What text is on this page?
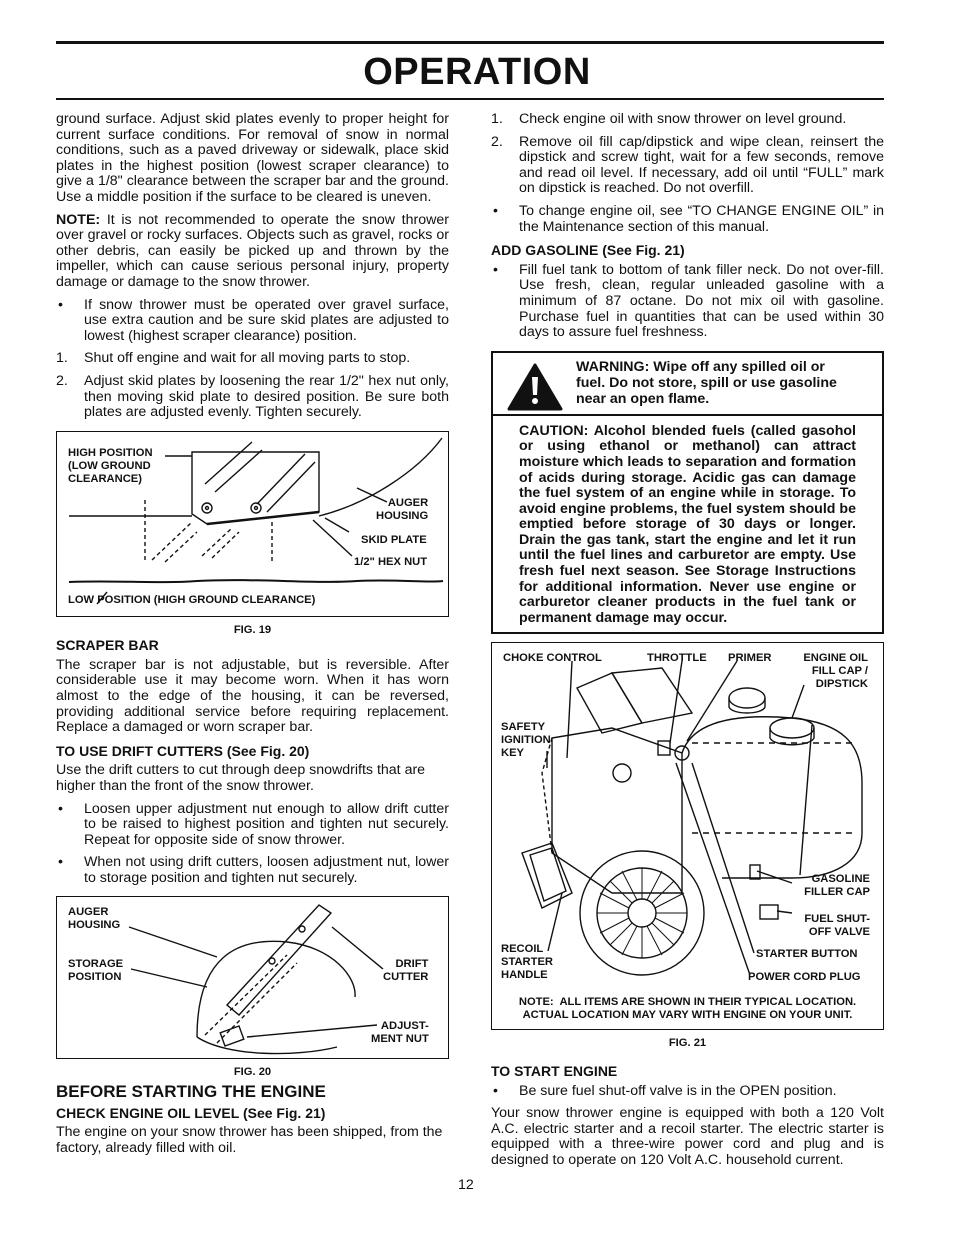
OPERATION

ground surface. Adjust skid plates evenly to proper height for current surface conditions. For removal of snow in normal conditions, such as a paved driveway or sidewalk, place skid plates in the highest position (lowest scraper clearance) to give a 1/8" clearance between the scraper bar and the ground. Use a middle position if the surface to be cleared is uneven.

NOTE: It is not recommended to operate the snow thrower over gravel or rocky surfaces. Objects such as gravel, rocks or other debris, can easily be picked up and thrown by the impeller, which can cause serious personal injury, property damage or damage to the snow thrower.

• If snow thrower must be operated over gravel surface, use extra caution and be sure skid plates are adjusted to lowest (highest scraper clearance) position.
1. Shut off engine and wait for all moving parts to stop.
2. Adjust skid plates by loosening the rear 1/2" hex nut only, then moving skid plate to desired position. Be sure both plates are adjusted evenly. Tighten securely.
HIGH POSITION
(LOW GROUND
CLEARANCE)
AUGER
HOUSING
SKID PLATE
1/2" HEX NUT
LOW POSITION (HIGH GROUND CLEARANCE)
FIG. 19
SCRAPER BAR

The scraper bar is not adjustable, but is reversible. After considerable use it may become worn. When it has worn almost to the edge of the housing, it can be reversed, providing additional service before requiring replacement. Replace a damaged or worn scraper bar.

TO USE DRIFT CUTTERS (See Fig. 20)

Use the drift cutters to cut through deep snowdrifts that are higher than the front of the snow thrower.

• Loosen upper adjustment nut enough to allow drift cutter to be raised to highest position and tighten nut securely. Repeat for opposite side of snow thrower.
• When not using drift cutters, loosen adjustment nut, lower to storage position and tighten nut securely.
AUGER
HOUSING
STORAGE
POSITION
DRIFT
CUTTER
ADJUST-
MENT NUT
FIG. 20
BEFORE STARTING THE ENGINE
CHECK ENGINE OIL LEVEL (See Fig. 21)

The engine on your snow thrower has been shipped, from the factory, already filled with oil.

12
1. Check engine oil with snow thrower on level ground.
2. Remove oil fill cap/dipstick and wipe clean, reinsert the dipstick and screw tight, wait for a few seconds, remove and read oil level. If necessary, add oil until “FULL” mark on dipstick is reached. Do not overfill.
• To change engine oil, see “TO CHANGE ENGINE OIL” in the Maintenance section of this manual.
ADD GASOLINE (See Fig. 21)
• Fill fuel tank to bottom of tank filler neck. Do not over-fill. Use fresh, clean, regular unleaded gasoline with a minimum of 87 octane. Do not mix oil with gasoline. Purchase fuel in quantities that can be used within 30 days to assure fuel freshness.
WARNING: Wipe off any spilled oil or fuel. Do not store, spill or use gasoline near an open flame.
CAUTION: Alcohol blended fuels (called gasohol or using ethanol or methanol) can attract moisture which leads to separation and formation of acids during storage. Acidic gas can damage the fuel system of an engine while in storage. To avoid engine problems, the fuel system should be emptied before storage of 30 days or longer. Drain the gas tank, start the engine and let it run until the fuel lines and carburetor are empty. Use fresh fuel next season. See Storage Instructions for additional information. Never use engine or carburetor cleaner products in the fuel tank or permanent damage may occur.
CHOKE CONTROL	THROTTLE PRIMER	ENGINE OIL
FILL CAP /
DIPSTICK
SAFETY
IGNITION
KEY
GASOLINE
FILLER CAP
FUEL SHUT-
OFF VALVE
RECOIL
STARTER
HANDLE
STARTER BUTTON
POWER CORD PLUG
NOTE:  ALL ITEMS ARE SHOWN IN THEIR TYPICAL LOCATION.
ACTUAL LOCATION MAY VARY WITH ENGINE ON YOUR UNIT.
FIG. 21
TO START ENGINE
• Be sure fuel shut-off valve is in the OPEN position.

Your snow thrower engine is equipped with both a 120 Volt A.C. electric starter and a recoil starter. The electric starter is equipped with a three-wire power cord and plug and is designed to operate on 120 Volt A.C. household current.
